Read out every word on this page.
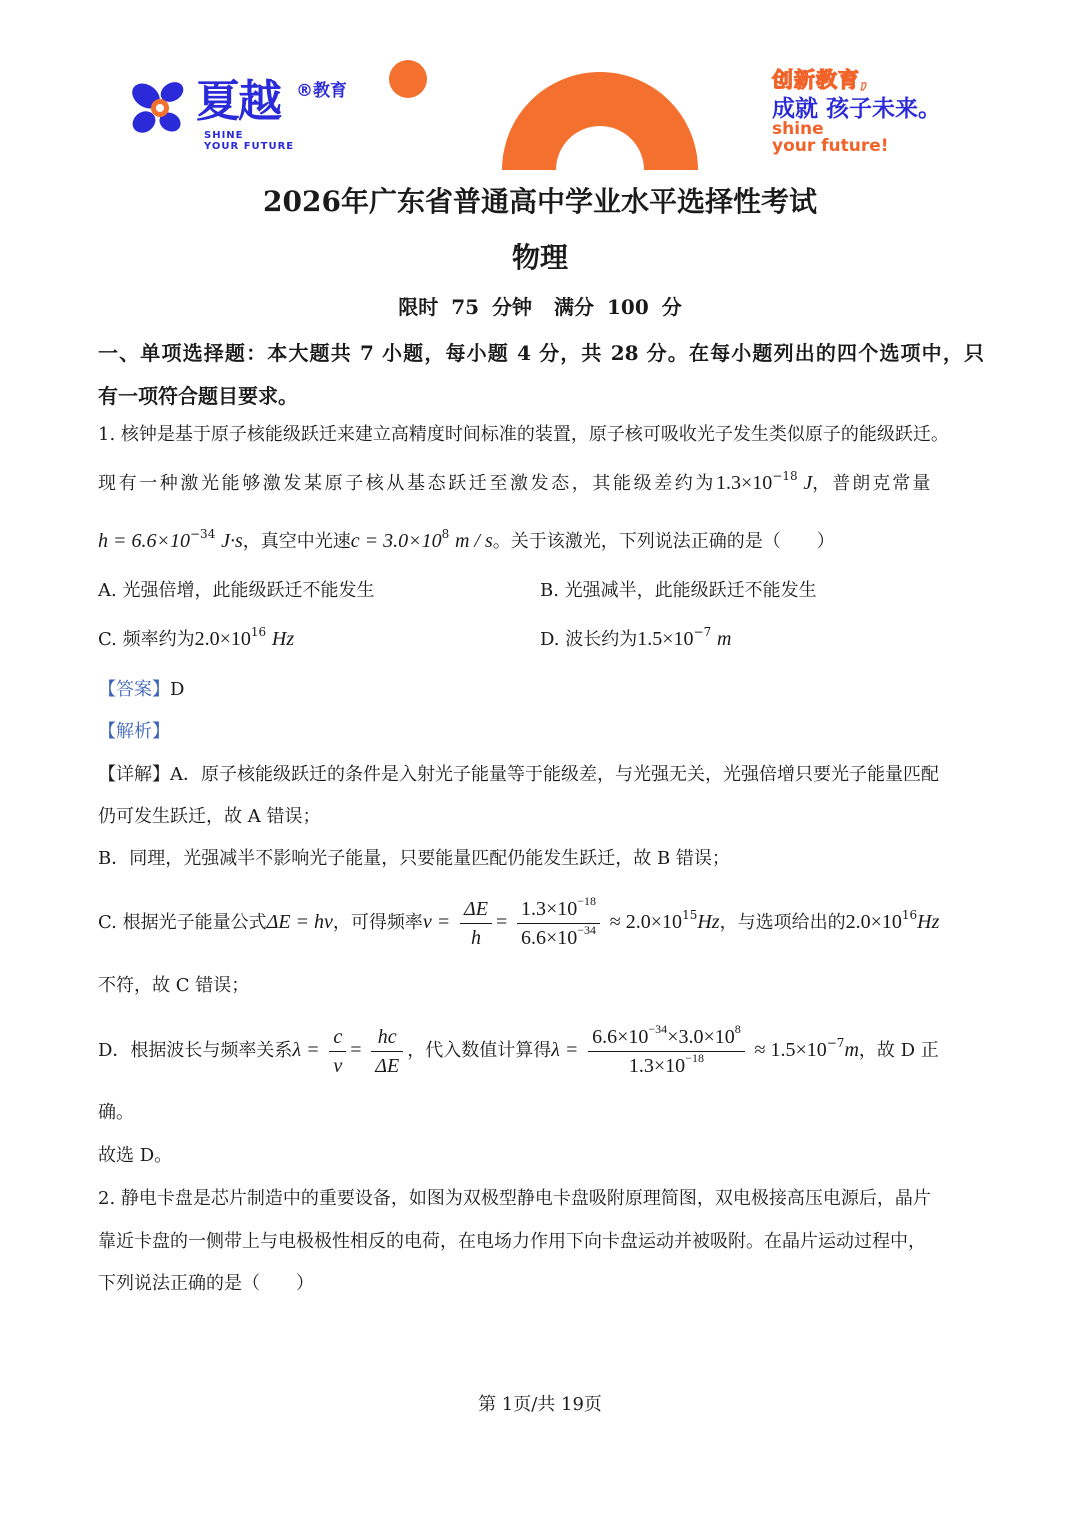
夏越 ®教育
SHINE
YOUR FUTURE
创新教育,
成就 孩子未来。
shine
your future!
2026年广东省普通高中学业水平选择性考试
物理
限时 75 分钟 满分 100 分
一、单项选择题：本大题共 7 小题，每小题 4 分，共 28 分。在每小题列出的四个选项中，只
有一项符合题目要求。
1. 核钟是基于原子核能级跃迁来建立高精度时间标准的装置，原子核可吸收光子发生类似原子的能级跃迁。
现有一种激光能够激发某原子核从基态跃迁至激发态，其能级差约为$1.3\times 10^{-18}$ J，普朗克常量
$h = 6.6\times 10^{-34}$ J·s，真空中光速$c = 3.0\times 10^8$ m / s。关于该激光，下列说法正确的是（　　）
A. 光强倍增，此能级跃迁不能发生	B. 光强减半，此能级跃迁不能发生
C. 频率约为$2.0\times 10^{16}$ Hz	D. 波长约为$1.5\times 10^{-7}$ m
【答案】D
【解析】
【详解】A．原子核能级跃迁的条件是入射光子能量等于能级差，与光强无关，光强倍增只要光子能量匹配
仍可发生跃迁，故 A 错误；
B．同理，光强减半不影响光子能量，只要能量匹配仍能发生跃迁，故 B 错误；
C. 根据光子能量公式ΔE = hν，可得频率$\nu = \frac{\Delta E}{h} = \frac{1.3\times 10^{-18}}{6.6\times 10^{-34}} \approx 2.0\times 10^{15}Hz$，与选项给出的$2.0\times 10^{16}Hz$
不符，故 C 错误；
D．根据波长与频率关系$\lambda = \frac{c}{\nu} = \frac{hc}{\Delta E}$ ，代入数值计算得$\lambda = \frac{6.6\times 10^{-34}\times 3.0\times 10^8}{1.3\times 10^{-18}} \approx 1.5\times 10^{-7}m$，故 D 正
确。
故选 D。
2. 静电卡盘是芯片制造中的重要设备，如图为双极型静电卡盘吸附原理简图，双电极接高压电源后，晶片
靠近卡盘的一侧带上与电极极性相反的电荷，在电场力作用下向卡盘运动并被吸附。在晶片运动过程中，
下列说法正确的是（　　）
第 1页/共 19页
